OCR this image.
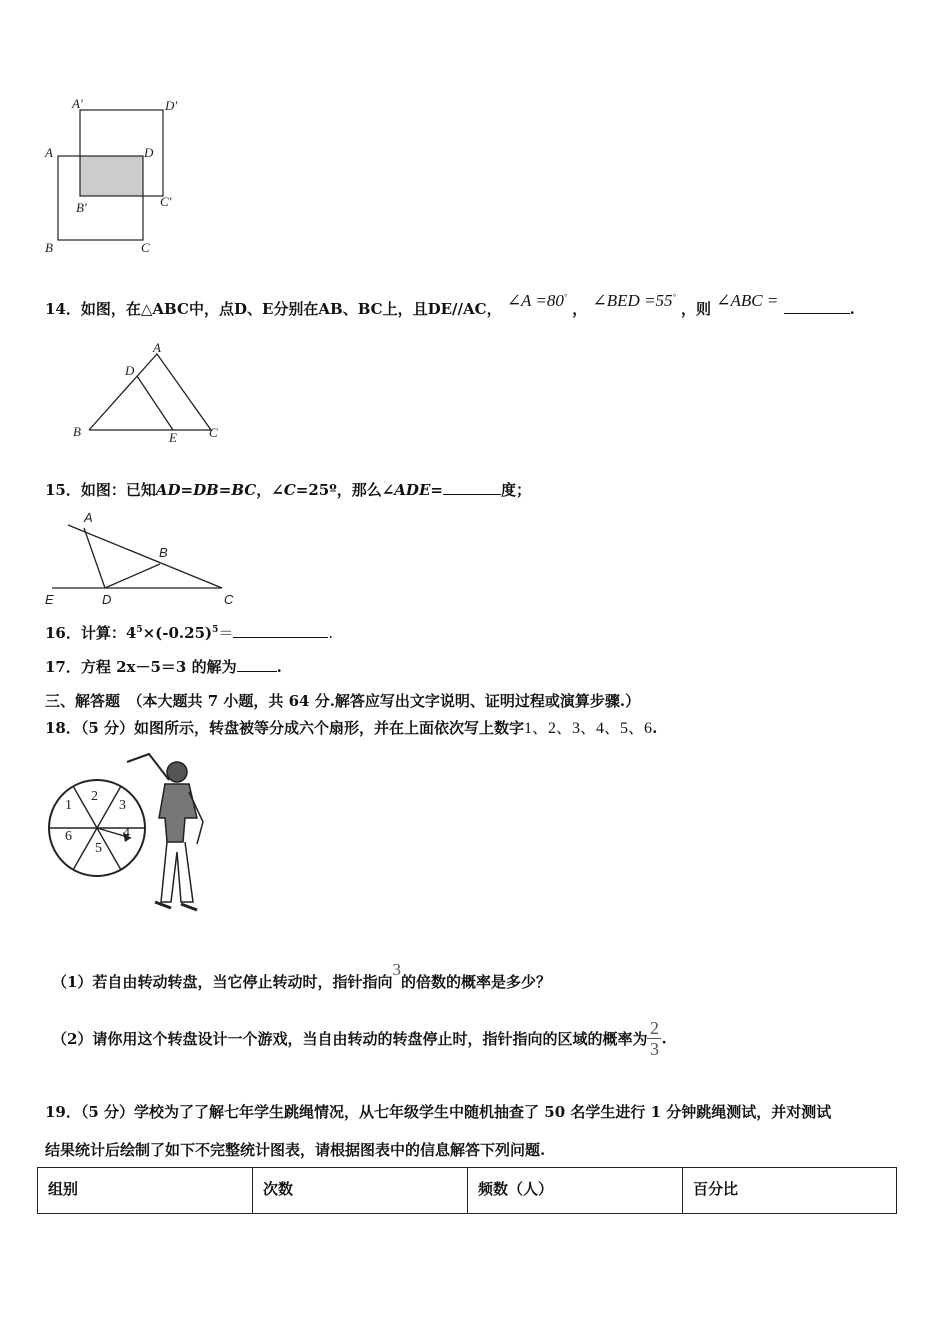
A′	D′
A	D
B′	C′
B	C
14．如图，在△ABC中，点D、E分别在AB、BC上，且DE//AC， ∠A =80° ， ∠BED =55° ，则 ∠ABC =	.
A
D
B	E C
15．如图：已知AD=DB=BC，∠C=25º，那么∠ADE=	度；
A
B
E	D	C
16．计算：$4^5\times(-0.25)^5=$	.
17．方程 2x－5＝3 的解为	.
三、解答题　（本大题共 7 小题，共 64 分.解答应写出文字说明、证明过程或演算步骤.）
18．（5 分）如图所示，转盘被等分成六个扇形，并在上面依次写上数字1、2、3、4、5、6.
1
2
3
4
5
6
（1）若自由转动转盘，当它停止转动时，指针指向3的倍数的概率是多少？
（2）请你用这个转盘设计一个游戏，当自由转动的转盘停止时，指针指向的区域的概率为 $\frac{2}{3}$ .
19．（5 分）学校为了了解七年学生跳绳情况，从七年级学生中随机抽查了 50 名学生进行 1 分钟跳绳测试，并对测试
结果统计后绘制了如下不完整统计图表，请根据图表中的信息解答下列问题.
组别	次数	频数（人）	百分比
